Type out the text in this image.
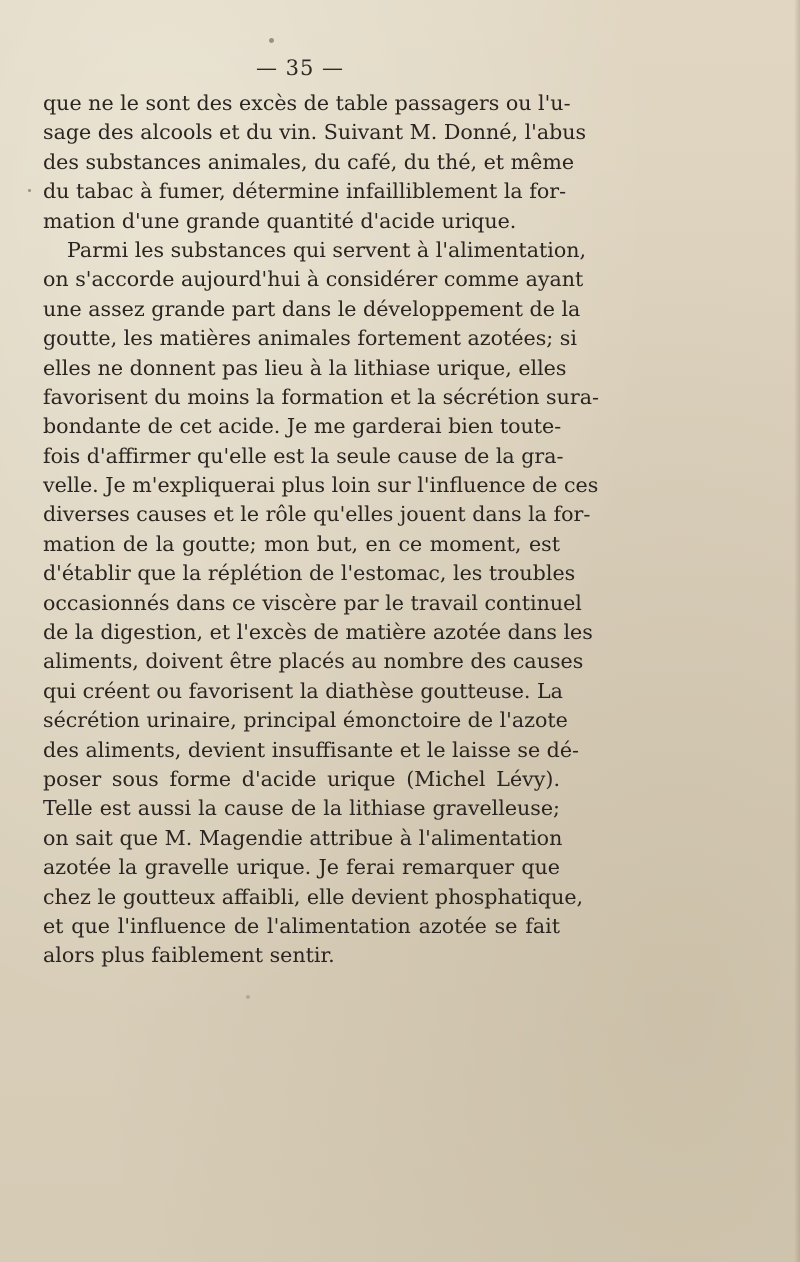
— 35 —
que ne le sont des excès de table passagers ou l'u-
sage des alcools et du vin. Suivant M. Donné, l'abus
des substances animales, du café, du thé, et même
du tabac à fumer, détermine infailliblement la for-
mation d'une grande quantité d'acide urique.
Parmi les substances qui servent à l'alimentation,
on s'accorde aujourd'hui à considérer comme ayant
une assez grande part dans le développement de la
goutte, les matières animales fortement azotées; si
elles ne donnent pas lieu à la lithiase urique, elles
favorisent du moins la formation et la sécrétion sura-
bondante de cet acide. Je me garderai bien toute-
fois d'affirmer qu'elle est la seule cause de la gra-
velle. Je m'expliquerai plus loin sur l'influence de ces
diverses causes et le rôle qu'elles jouent dans la for-
mation de la goutte; mon but, en ce moment, est
d'établir que la réplétion de l'estomac, les troubles
occasionnés dans ce viscère par le travail continuel
de la digestion, et l'excès de matière azotée dans les
aliments, doivent être placés au nombre des causes
qui créent ou favorisent la diathèse goutteuse. La
sécrétion urinaire, principal émonctoire de l'azote
des aliments, devient insuffisante et le laisse se dé-
poser sous forme d'acide urique (Michel Lévy).
Telle est aussi la cause de la lithiase gravelleuse;
on sait que M. Magendie attribue à l'alimentation
azotée la gravelle urique. Je ferai remarquer que
chez le goutteux affaibli, elle devient phosphatique,
et que l'influence de l'alimentation azotée se fait
alors plus faiblement sentir.
